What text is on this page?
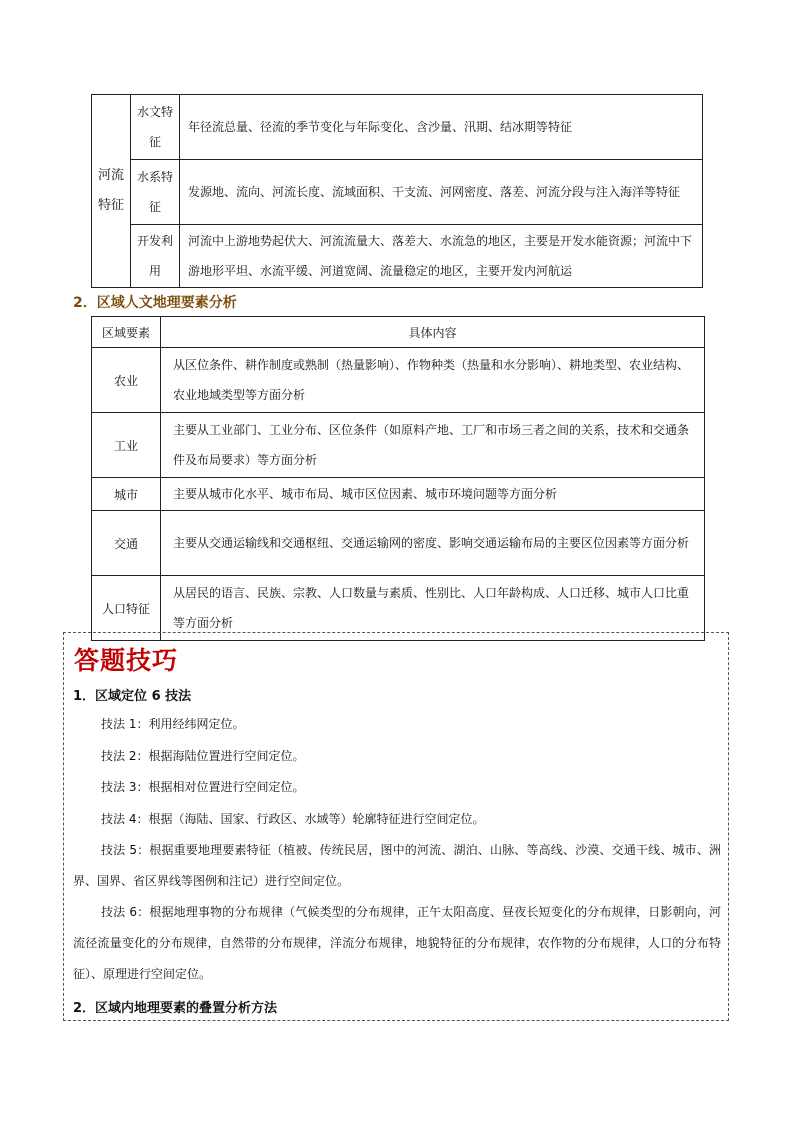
河流特征	水文特征	年径流总量、径流的季节变化与年际变化、含沙量、汛期、结冰期等特征
	水系特征	发源地、流向、河流长度、流域面积、干支流、河网密度、落差、河流分段与注入海洋等特征
	开发利用	河流中上游地势起伏大、河流流量大、落差大、水流急的地区，主要是开发水能资源；河流中下游地形平坦、水流平缓、河道宽阔、流量稳定的地区，主要开发内河航运
2．区域人文地理要素分析
区域要素	具体内容
农业	从区位条件、耕作制度或熟制（热量影响）、作物种类（热量和水分影响）、耕地类型、农业结构、农业地域类型等方面分析
工业	主要从工业部门、工业分布、区位条件（如原料产地、工厂和市场三者之间的关系，技术和交通条件及布局要求）等方面分析
城市	主要从城市化水平、城市布局、城市区位因素、城市环境问题等方面分析
交通	主要从交通运输线和交通枢纽、交通运输网的密度、影响交通运输布局的主要区位因素等方面分析
人口特征	从居民的语言、民族、宗教、人口数量与素质、性别比、人口年龄构成、人口迁移、城市人口比重等方面分析
答题技巧
1．区域定位 6 技法
技法 1：利用经纬网定位。
技法 2：根据海陆位置进行空间定位。
技法 3：根据相对位置进行空间定位。
技法 4：根据（海陆、国家、行政区、水域等）轮廓特征进行空间定位。
技法 5：根据重要地理要素特征（植被、传统民居，图中的河流、湖泊、山脉、等高线、沙漠、交通干线、城市、洲界、国界、省区界线等图例和注记）进行空间定位。
技法 6：根据地理事物的分布规律（气候类型的分布规律，正午太阳高度、昼夜长短变化的分布规律，日影朝向，河流径流量变化的分布规律，自然带的分布规律，洋流分布规律，地貌特征的分布规律，农作物的分布规律，人口的分布特征）、原理进行空间定位。
2．区域内地理要素的叠置分析方法
